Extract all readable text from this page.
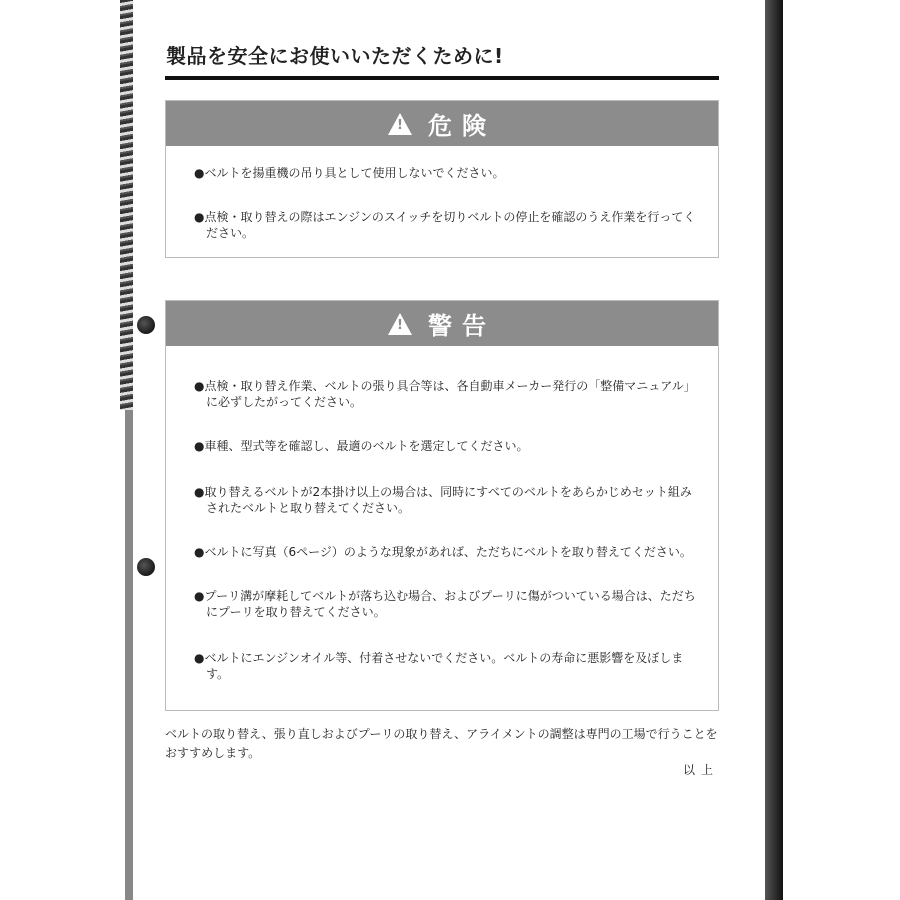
製品を安全にお使いいただくために!
! 危険
● ベルトを揚重機の吊り具として使用しないでください。
● 点検・取り替えの際はエンジンのスイッチを切りベルトの停止を確認のうえ作業を行ってください。
! 警告
● 点検・取り替え作業、ベルトの張り具合等は、各自動車メーカー発行の「整備マニュアル」に必ずしたがってください。
● 車種、型式等を確認し、最適のベルトを選定してください。
● 取り替えるベルトが2本掛け以上の場合は、同時にすべてのベルトをあらかじめセット組みされたベルトと取り替えてください。
● ベルトに写真（6ページ）のような現象があれば、ただちにベルトを取り替えてください。
● プーリ溝が摩耗してベルトが落ち込む場合、およびプーリに傷がついている場合は、ただちにプーリを取り替えてください。
● ベルトにエンジンオイル等、付着させないでください。ベルトの寿命に悪影響を及ぼします。
ベルトの取り替え、張り直しおよびプーリの取り替え、アライメントの調整は専門の工場で行うことをおすすめします。
以上
